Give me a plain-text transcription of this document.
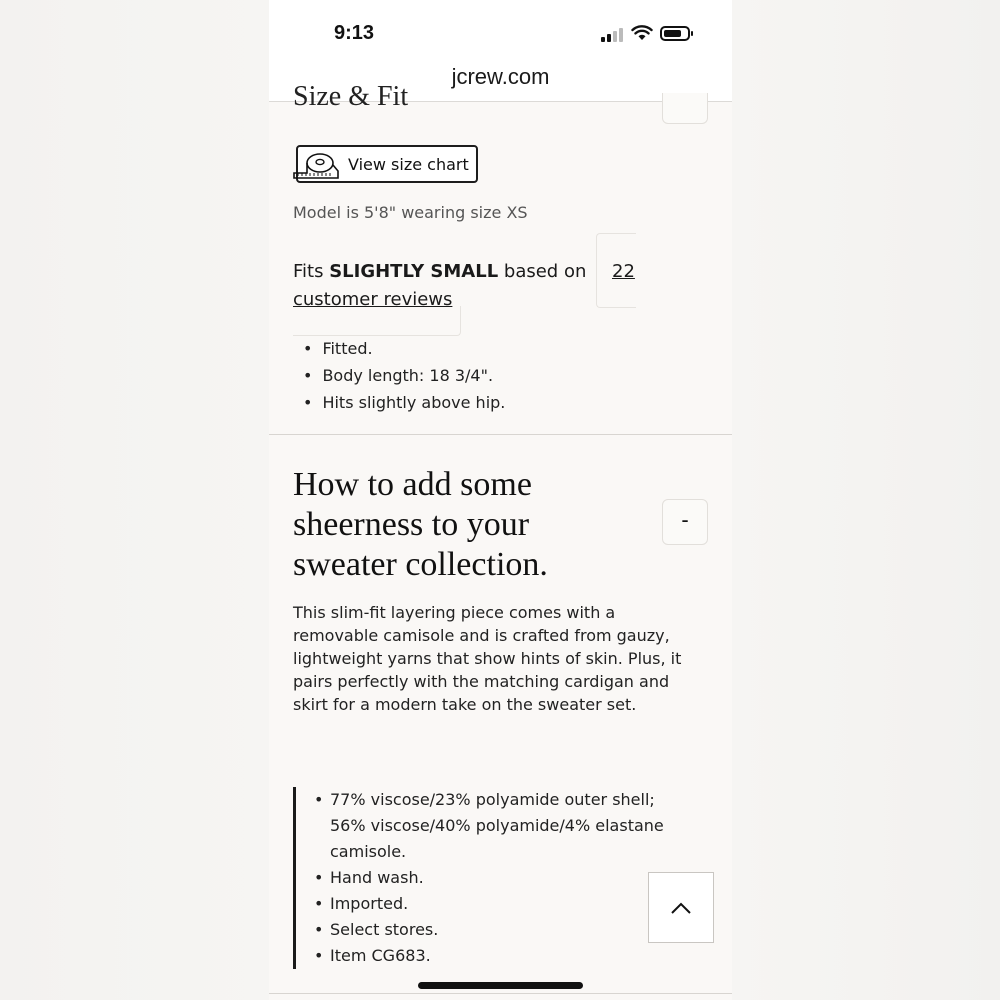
9:13
jcrew.com
Size & Fit
View size chart
Model is 5'8" wearing size XS
Fits SLIGHTLY SMALL based on 22

customer reviews
• Fitted.
• Body length: 18 3/4".
• Hits slightly above hip.
How to add some sheerness to your sweater collection.
-
This slim-fit layering piece comes with a removable camisole and is crafted from gauzy, lightweight yarns that show hints of skin. Plus, it pairs perfectly with the matching cardigan and skirt for a modern take on the sweater set.
• 77% viscose/23% polyamide outer shell; 56% viscose/40% polyamide/4% elastane camisole.
• Hand wash.
• Imported.
• Select stores.
• Item CG683.
